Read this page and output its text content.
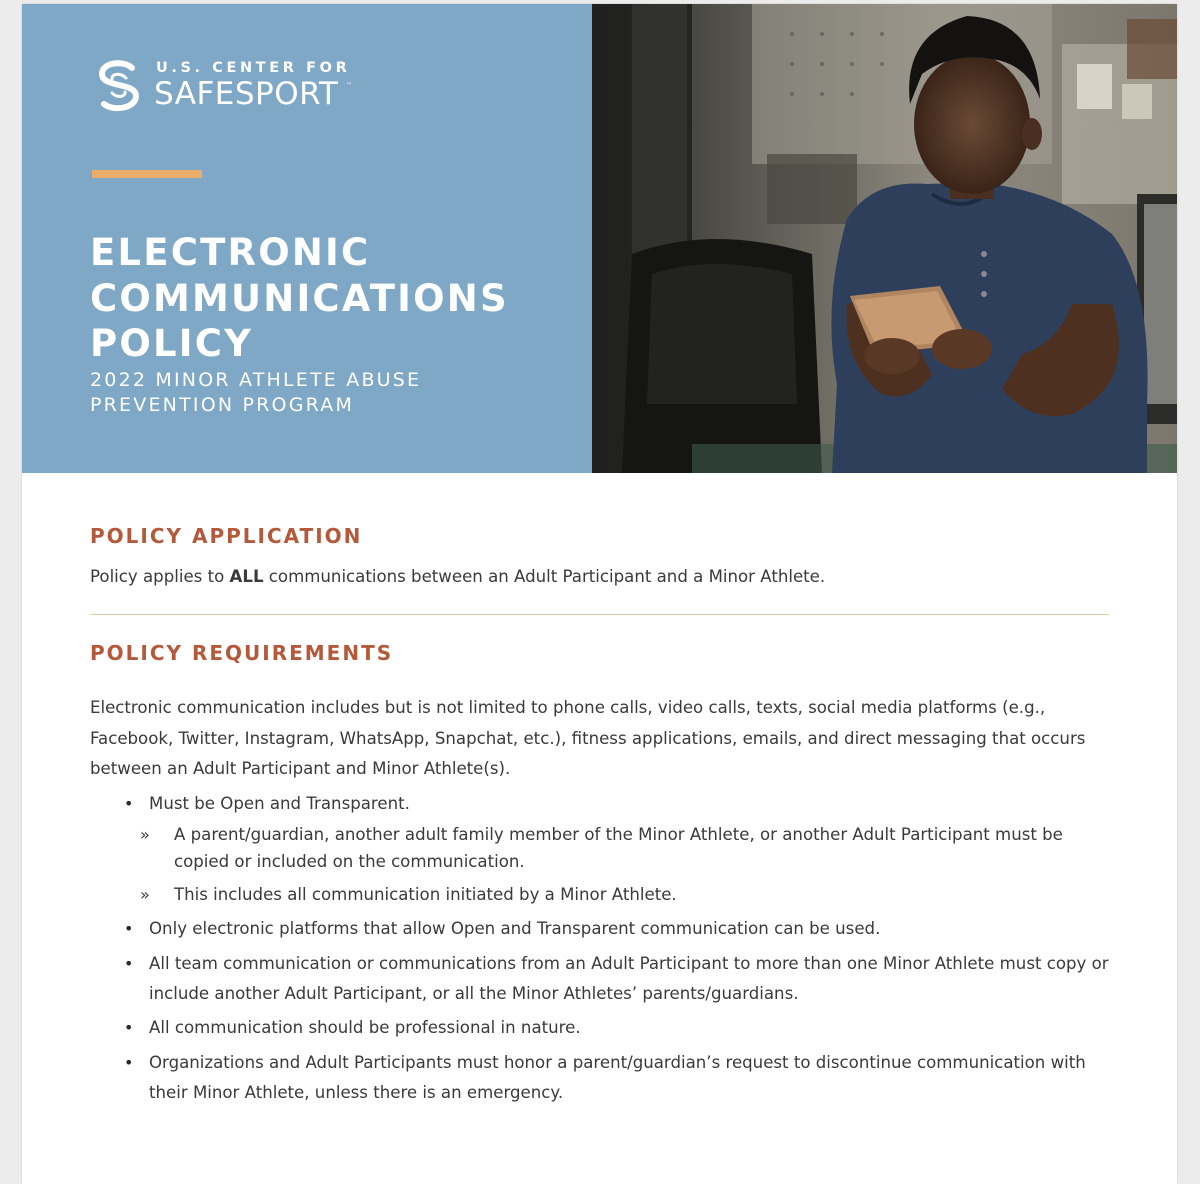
U.S. CENTER FOR
SAFESPORT ™
ELECTRONIC
COMMUNICATIONS
POLICY

2022 MINOR ATHLETE ABUSE
PREVENTION PROGRAM

POLICY APPLICATION

Policy applies to ALL communications between an Adult Participant and a Minor Athlete.

POLICY REQUIREMENTS

Electronic communication includes but is not limited to phone calls, video calls, texts, social media platforms (e.g., Facebook, Twitter, Instagram, WhatsApp, Snapchat, etc.), fitness applications, emails, and direct messaging that occurs between an Adult Participant and Minor Athlete(s).

• Must be Open and Transparent.
» A parent/guardian, another adult family member of the Minor Athlete, or another Adult Participant must be copied or included on the communication.
» This includes all communication initiated by a Minor Athlete.
• Only electronic platforms that allow Open and Transparent communication can be used.
• All team communication or communications from an Adult Participant to more than one Minor Athlete must copy or include another Adult Participant, or all the Minor Athletes’ parents/guardians.
• All communication should be professional in nature.
• Organizations and Adult Participants must honor a parent/guardian’s request to discontinue communication with their Minor Athlete, unless there is an emergency.
